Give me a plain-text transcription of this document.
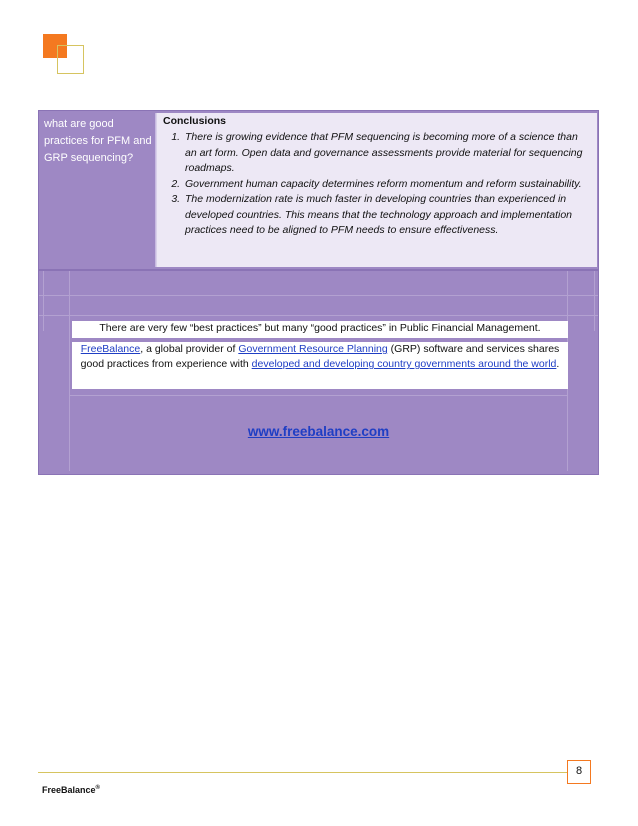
what are good practices for PFM and GRP sequencing?
Conclusions
1. There is growing evidence that PFM sequencing is becoming more of a science than an art form. Open data and governance assessments provide material for sequencing roadmaps.
2. Government human capacity determines reform momentum and reform sustainability.
3. The modernization rate is much faster in developing countries than experienced in developed countries. This means that the technology approach and implementation practices need to be aligned to PFM needs to ensure effectiveness.
There are very few “best practices” but many “good practices” in Public Financial Management.
FreeBalance, a global provider of Government Resource Planning (GRP) software and services shares good practices from experience with developed and developing country governments around the world.
www.freebalance.com
FreeBalance®
8
